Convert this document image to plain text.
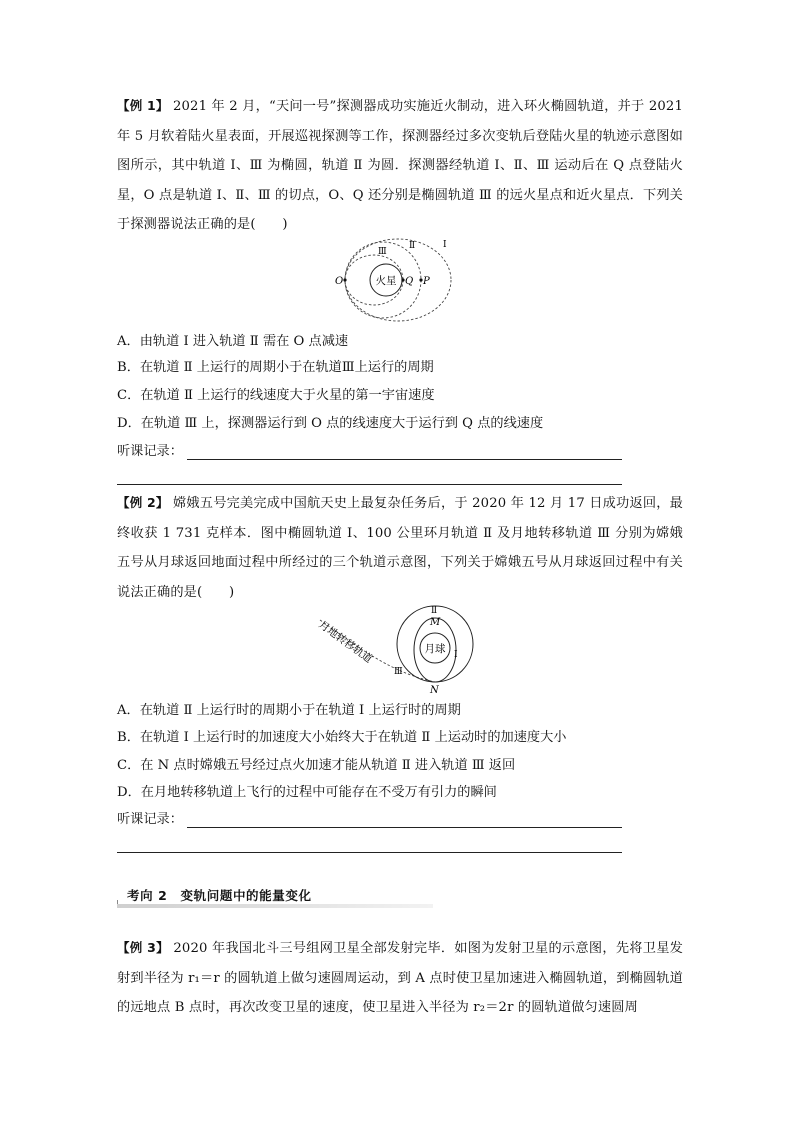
【例 1】 2021 年 2 月，“天问一号”探测器成功实施近火制动，进入环火椭圆轨道，并于 2021 年 5 月软着陆火星表面，开展巡视探测等工作，探测器经过多次变轨后登陆火星的轨迹示意图如图所示，其中轨道 Ⅰ、Ⅲ 为椭圆，轨道 Ⅱ 为圆．探测器经轨道 Ⅰ、Ⅱ、Ⅲ 运动后在 Q 点登陆火星，O 点是轨道 Ⅰ、Ⅱ、Ⅲ 的切点，O、Q 还分别是椭圆轨道 Ⅲ 的远火星点和近火星点．下列关于探测器说法正确的是(　　)

火星
O	Q P
Ⅲ
Ⅱ	Ⅰ

A．由轨道 Ⅰ 进入轨道 Ⅱ 需在 O 点减速

B．在轨道 Ⅱ 上运行的周期小于在轨道Ⅲ上运行的周期

C．在轨道 Ⅱ 上运行的线速度大于火星的第一宇宙速度

D．在轨道 Ⅲ 上，探测器运行到 O 点的线速度大于运行到 Q 点的线速度

听课记录：

【例 2】 嫦娥五号完美完成中国航天史上最复杂任务后，于 2020 年 12 月 17 日成功返回，最终收获 1 731 克样本．图中椭圆轨道 Ⅰ、100 公里环月轨道 Ⅱ 及月地转移轨道 Ⅲ 分别为嫦娥五号从月球返回地面过程中所经过的三个轨道示意图，下列关于嫦娥五号从月球返回过程中有关说法正确的是(　　)

月球
Ⅱ
M
Ⅰ
Ⅲ
N
月地转移轨道

A．在轨道 Ⅱ 上运行时的周期小于在轨道 Ⅰ 上运行时的周期

B．在轨道 Ⅰ 上运行时的加速度大小始终大于在轨道 Ⅱ 上运动时的加速度大小

C．在 N 点时嫦娥五号经过点火加速才能从轨道 Ⅱ 进入轨道 Ⅲ 返回

D．在月地转移轨道上飞行的过程中可能存在不受万有引力的瞬间

听课记录：
考向 2　变轨问题中的能量变化

【例 3】 2020 年我国北斗三号组网卫星全部发射完毕．如图为发射卫星的示意图，先将卫星发射到半径为 r₁＝r 的圆轨道上做匀速圆周运动，到 A 点时使卫星加速进入椭圆轨道，到椭圆轨道的远地点 B 点时，再次改变卫星的速度，使卫星进入半径为 r₂＝2r 的圆轨道做匀速圆周
